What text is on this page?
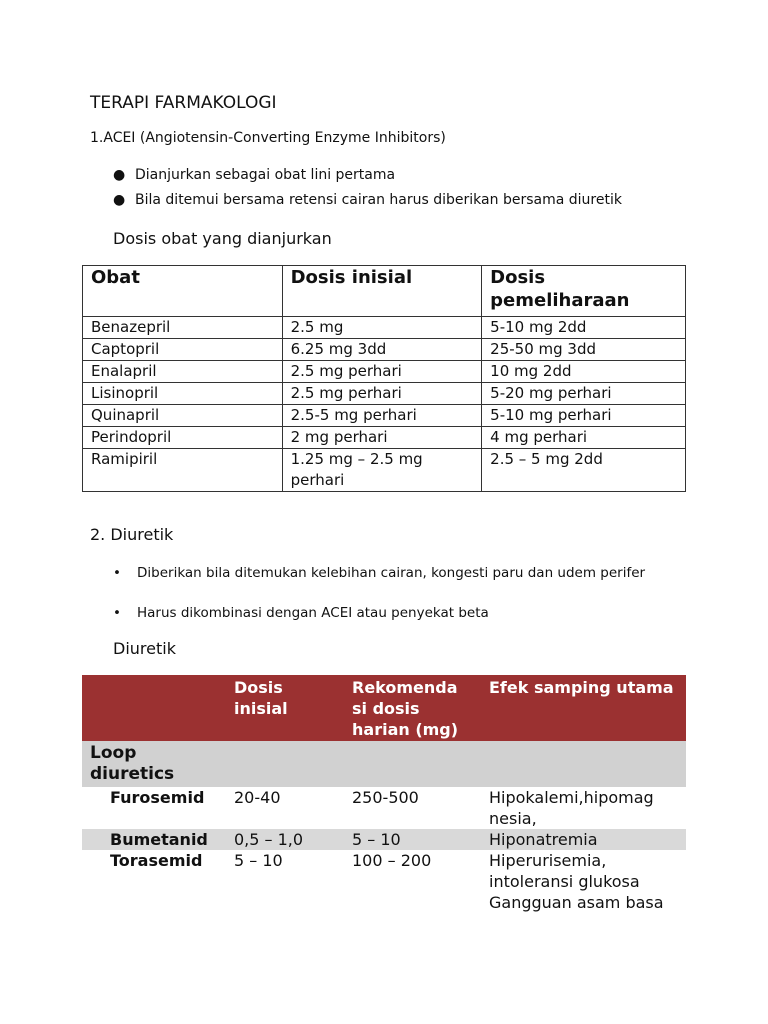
TERAPI FARMAKOLOGI
1.ACEI (Angiotensin-Converting Enzyme Inhibitors)
● Dianjurkan sebagai obat lini pertama
● Bila ditemui bersama retensi cairan harus diberikan bersama diuretik
Dosis obat yang dianjurkan
Obat	Dosis inisial	Dosis pemeliharaan
Benazepril	2.5 mg	5-10 mg 2dd
Captopril	6.25 mg 3dd	25-50 mg 3dd
Enalapril	2.5 mg perhari	10 mg 2dd
Lisinopril	2.5 mg perhari	5-20 mg perhari
Quinapril	2.5-5 mg perhari	5-10 mg perhari
Perindopril	2 mg perhari	4 mg perhari
Ramipiril	1.25 mg – 2.5 mg perhari	2.5 – 5 mg 2dd
2. Diuretik
• Diberikan bila ditemukan kelebihan cairan, kongesti paru dan udem perifer
• Harus dikombinasi dengan ACEI atau penyekat beta
Diuretik
	Dosis inisial	Rekomenda si dosis harian (mg)	Efek samping utama
Loop diuretics			
Furosemid	20-40	250-500	Hipokalemi,hipomag nesia,
Bumetanid	0,5 – 1,0	5 – 10	Hiponatremia
Torasemid	5 – 10	100 – 200	Hiperurisemia, intoleransi glukosa Gangguan asam basa
